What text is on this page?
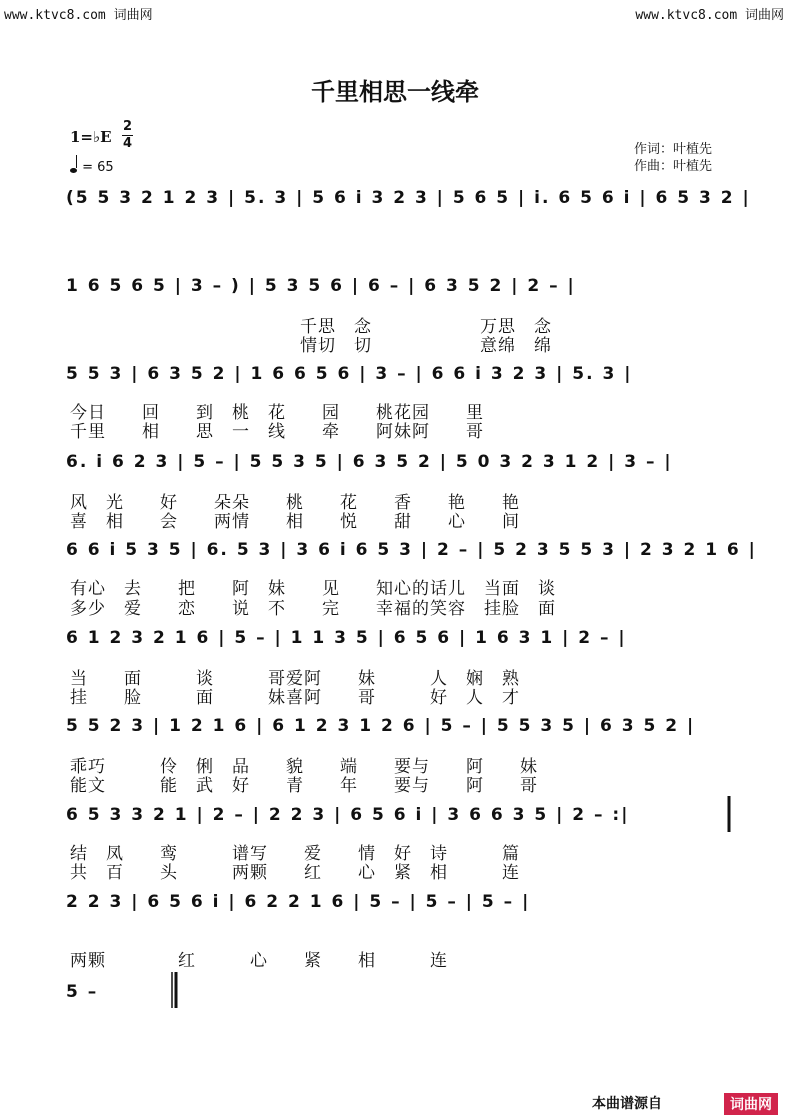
www.ktvc8.com 词曲网	www.ktvc8.com 词曲网
千里相思一线牵
1=♭E
2
4
= 65
作词：叶植先
作曲：叶植先
(5 5 3 2 1 2 3 | 5. 3 | 5 6 i 3 2 3 | 5 6 5 | i. 6 5 6 i | 6 5 3 2 |
1 6 5 6 5 | 3 – ) | 5 3 5 6 | 6 – | 6 3 5 2 | 2 – |
千思　念　　　　　　万思　念
情切　切　　　　　　意绵　绵
5 5 3 | 6 3 5 2 | 1 6 6 5 6 | 3 – | 6 6 i 3 2 3 | 5. 3 |
今日　　回　　到　桃　花　　园　　桃花园　　里
千里　　相　　思　一　线　　牵　　阿妹阿　　哥
6. i 6 2 3 | 5 – | 5 5 3 5 | 6 3 5 2 | 5 0 3 2 3 1 2 | 3 – |
风　光　　好　　朵朵　　桃　　花　　香　　艳　　艳
喜　相　　会　　两情　　相　　悦　　甜　　心　　间
6 6 i 5 3 5 | 6. 5 3 | 3 6 i 6 5 3 | 2 – | 5 2 3 5 5 3 | 2 3 2 1 6 |
有心　去　　把　　阿　妹　　见　　知心的话儿　当面　谈
多少　爱　　恋　　说　不　　完　　幸福的笑容　挂脸　面
6 1 2 3 2 1 6 | 5 – | 1 1 3 5 | 6 5 6 | 1 6 3 1 | 2 – |
当　　面　　　谈　　　哥爱阿　　妹　　　人　娴　熟
挂　　脸　　　面　　　妹喜阿　　哥　　　好　人　才
5 5 2 3 | 1 2 1 6 | 6 1 2 3 1 2 6 | 5 – | 5 5 3 5 | 6 3 5 2 |
乖巧　　　伶　俐　品　　貌　　端　　要与　　阿　　妹
能文　　　能　武　好　　青　　年　　要与　　阿　　哥
6 5 3 3 2 1 | 2 – | 2 2 3 | 6 5 6 i | 3 6 6 3 5 | 2 – :|
结　凤　　鸾　　　谱写　　爱　　情　好　诗　　　篇
共　百　　头　　　两颗　　红　　心　紧　相　　　连
2 2 3 | 6 5 6 i | 6 2 2 1 6 | 5 – | 5 – | 5 – |
两颗　　　　红　　　心　　紧　　相　　　连
5 –
本曲谱源自	词曲网
